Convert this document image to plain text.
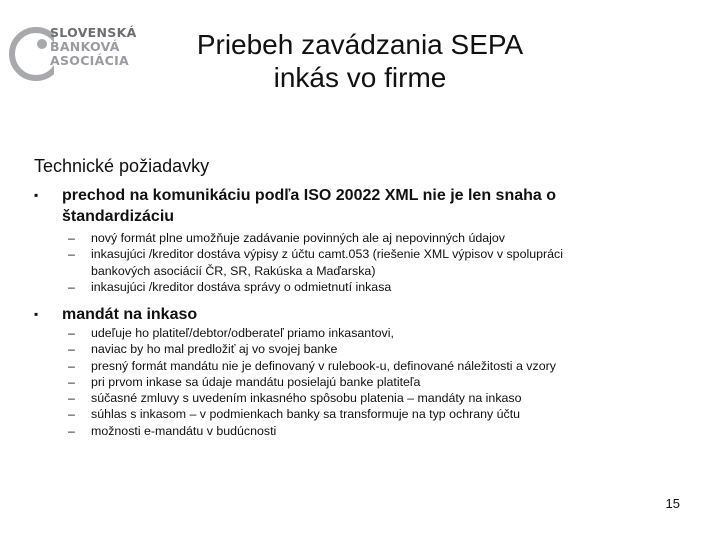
SLOVENSKÁ
BANKOVÁ
ASOCIÁCIA
Priebeh zavádzania SEPA
inkás vo firme
Technické požiadavky
▪ prechod na komunikáciu podľa ISO 20022 XML nie je len snaha o
štandardizáciu
– nový formát plne umožňuje zadávanie povinných ale aj nepovinných údajov
– inkasujúci /kreditor dostáva výpisy z účtu camt.053 (riešenie XML výpisov v spolupráci
bankových asociácií ČR, SR, Rakúska a Maďarska)
– inkasujúci /kreditor dostáva správy o odmietnutí inkasa
▪ mandát na inkaso
– udeľuje ho platiteľ/debtor/odberateľ priamo inkasantovi,
– naviac by ho mal predložiť aj vo svojej banke
– presný formát mandátu nie je definovaný v rulebook-u, definované náležitosti a vzory
– pri prvom inkase sa údaje mandátu posielajú banke platiteľa
– súčasné zmluvy s uvedením inkasného spôsobu platenia – mandáty na inkaso
– súhlas s inkasom – v podmienkach banky sa transformuje na typ ochrany účtu
– možnosti e-mandátu v budúcnosti
15
